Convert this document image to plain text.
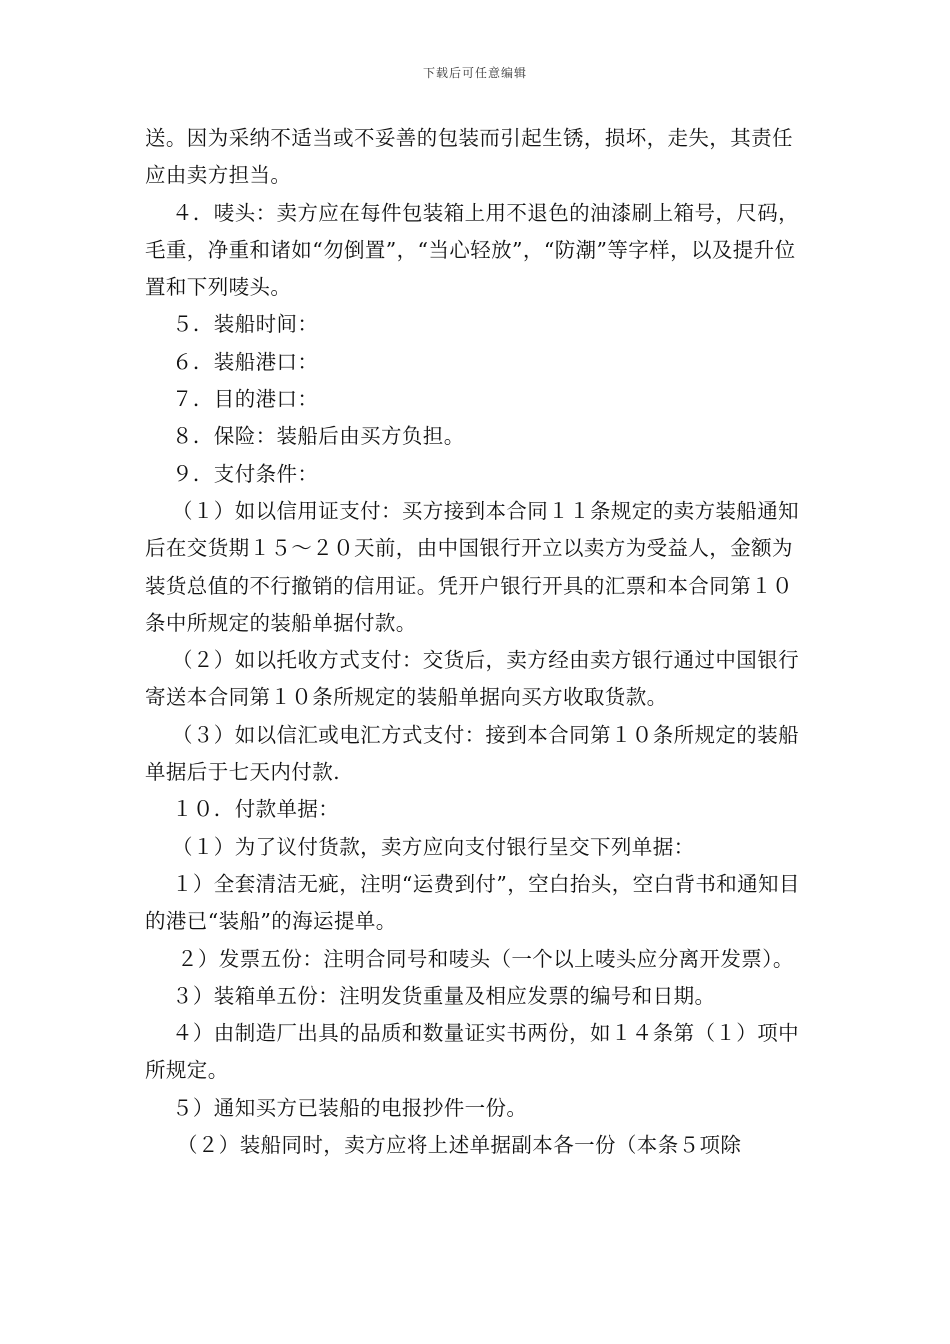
下载后可任意编辑

送。因为采纳不适当或不妥善的包装而引起生锈，损坏，走失，其责任应由卖方担当。

４．唛头：卖方应在每件包装箱上用不退色的油漆刷上箱号，尺码，毛重，净重和诸如“勿倒置”，“当心轻放”，“防潮”等字样，以及提升位置和下列唛头。

５．装船时间：

６．装船港口：

７．目的港口：

８．保险：装船后由买方负担。

９．支付条件：

（１）如以信用证支付：买方接到本合同１１条规定的卖方装船通知后在交货期１５～２０天前，由中国银行开立以卖方为受益人，金额为装货总值的不行撤销的信用证。凭开户银行开具的汇票和本合同第１０条中所规定的装船单据付款。

（２）如以托收方式支付：交货后，卖方经由卖方银行通过中国银行寄送本合同第１０条所规定的装船单据向买方收取货款。

（３）如以信汇或电汇方式支付：接到本合同第１０条所规定的装船单据后于七天内付款.

１０．付款单据：

（１）为了议付货款，卖方应向支付银行呈交下列单据：

１）全套清洁无疵，注明“运费到付”，空白抬头，空白背书和通知目的港已“装船”的海运提单。

２）发票五份：注明合同号和唛头（一个以上唛头应分离开发票）。

３）装箱单五份：注明发货重量及相应发票的编号和日期。

４）由制造厂出具的品质和数量证实书两份，如１４条第（１）项中所规定。

５）通知买方已装船的电报抄件一份。

（２）装船同时，卖方应将上述单据副本各一份（本条５项除
